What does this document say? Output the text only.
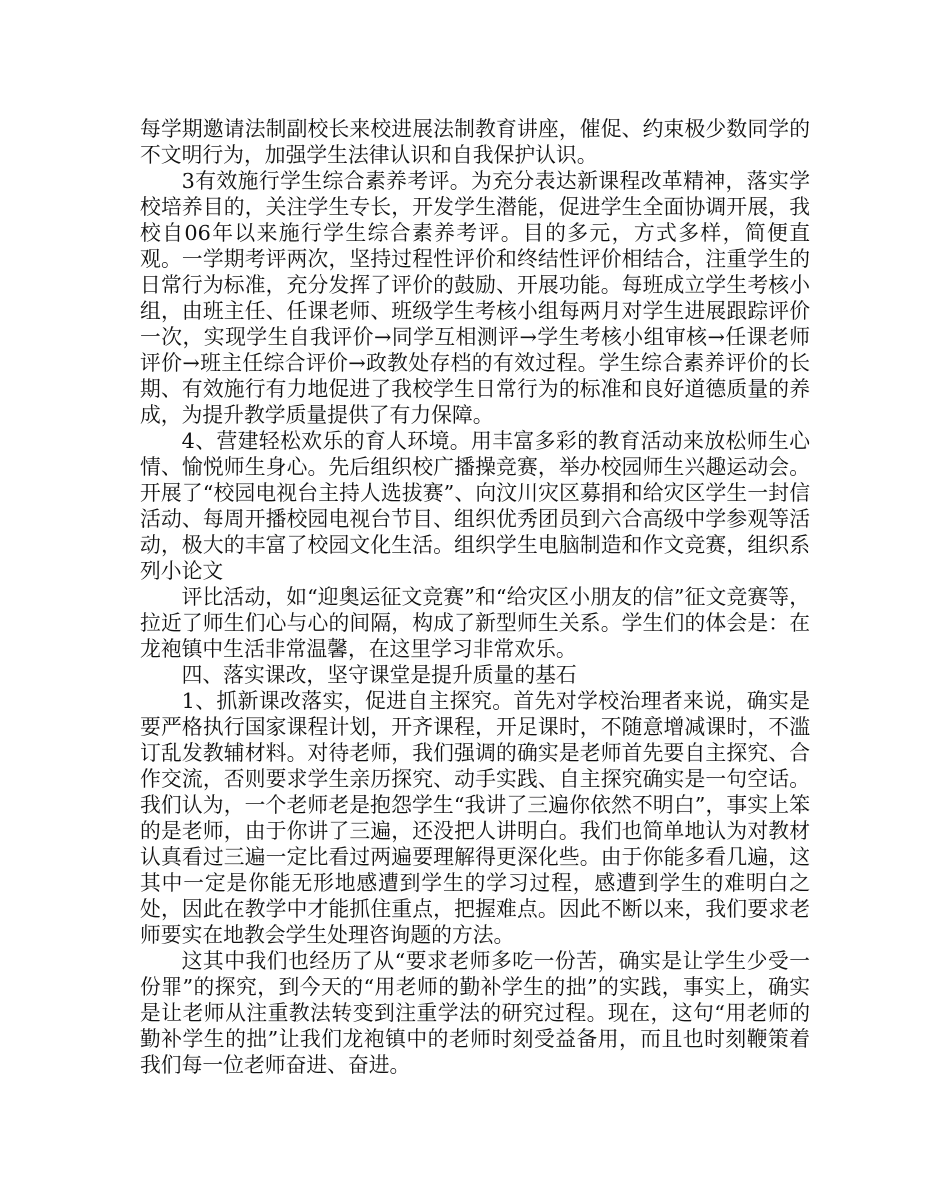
每学期邀请法制副校长来校进展法制教育讲座，催促、约束极少数同学的不文明行为，加强学生法律认识和自我保护认识。

3有效施行学生综合素养考评。为充分表达新课程改革精神，落实学校培养目的，关注学生专长，开发学生潜能，促进学生全面协调开展，我校自06年以来施行学生综合素养考评。目的多元，方式多样，简便直观。一学期考评两次，坚持过程性评价和终结性评价相结合，注重学生的日常行为标准，充分发挥了评价的鼓励、开展功能。每班成立学生考核小组，由班主任、任课老师、班级学生考核小组每两月对学生进展跟踪评价一次，实现学生自我评价→同学互相测评→学生考核小组审核→任课老师评价→班主任综合评价→政教处存档的有效过程。学生综合素养评价的长期、有效施行有力地促进了我校学生日常行为的标准和良好道德质量的养成，为提升教学质量提供了有力保障。

4、营建轻松欢乐的育人环境。用丰富多彩的教育活动来放松师生心情、愉悦师生身心。先后组织校广播操竞赛，举办校园师生兴趣运动会。开展了“校园电视台主持人选拔赛”、向汶川灾区募捐和给灾区学生一封信活动、每周开播校园电视台节目、组织优秀团员到六合高级中学参观等活动，极大的丰富了校园文化生活。组织学生电脑制造和作文竞赛，组织系列小论文

评比活动，如“迎奥运征文竞赛”和“给灾区小朋友的信”征文竞赛等，拉近了师生们心与心的间隔，构成了新型师生关系。学生们的体会是：在龙袍镇中生活非常温馨，在这里学习非常欢乐。

四、落实课改，坚守课堂是提升质量的基石

1、抓新课改落实，促进自主探究。首先对学校治理者来说，确实是要严格执行国家课程计划，开齐课程，开足课时，不随意增减课时，不滥订乱发教辅材料。对待老师，我们强调的确实是老师首先要自主探究、合作交流，否则要求学生亲历探究、动手实践、自主探究确实是一句空话。我们认为，一个老师老是抱怨学生“我讲了三遍你依然不明白”，事实上笨的是老师，由于你讲了三遍，还没把人讲明白。我们也简单地认为对教材认真看过三遍一定比看过两遍要理解得更深化些。由于你能多看几遍，这其中一定是你能无形地感遭到学生的学习过程，感遭到学生的难明白之处，因此在教学中才能抓住重点，把握难点。因此不断以来，我们要求老师要实在地教会学生处理咨询题的方法。

这其中我们也经历了从“要求老师多吃一份苦，确实是让学生少受一份罪”的探究，到今天的“用老师的勤补学生的拙”的实践，事实上，确实是让老师从注重教法转变到注重学法的研究过程。现在，这句“用老师的勤补学生的拙”让我们龙袍镇中的老师时刻受益备用，而且也时刻鞭策着我们每一位老师奋进、奋进。
